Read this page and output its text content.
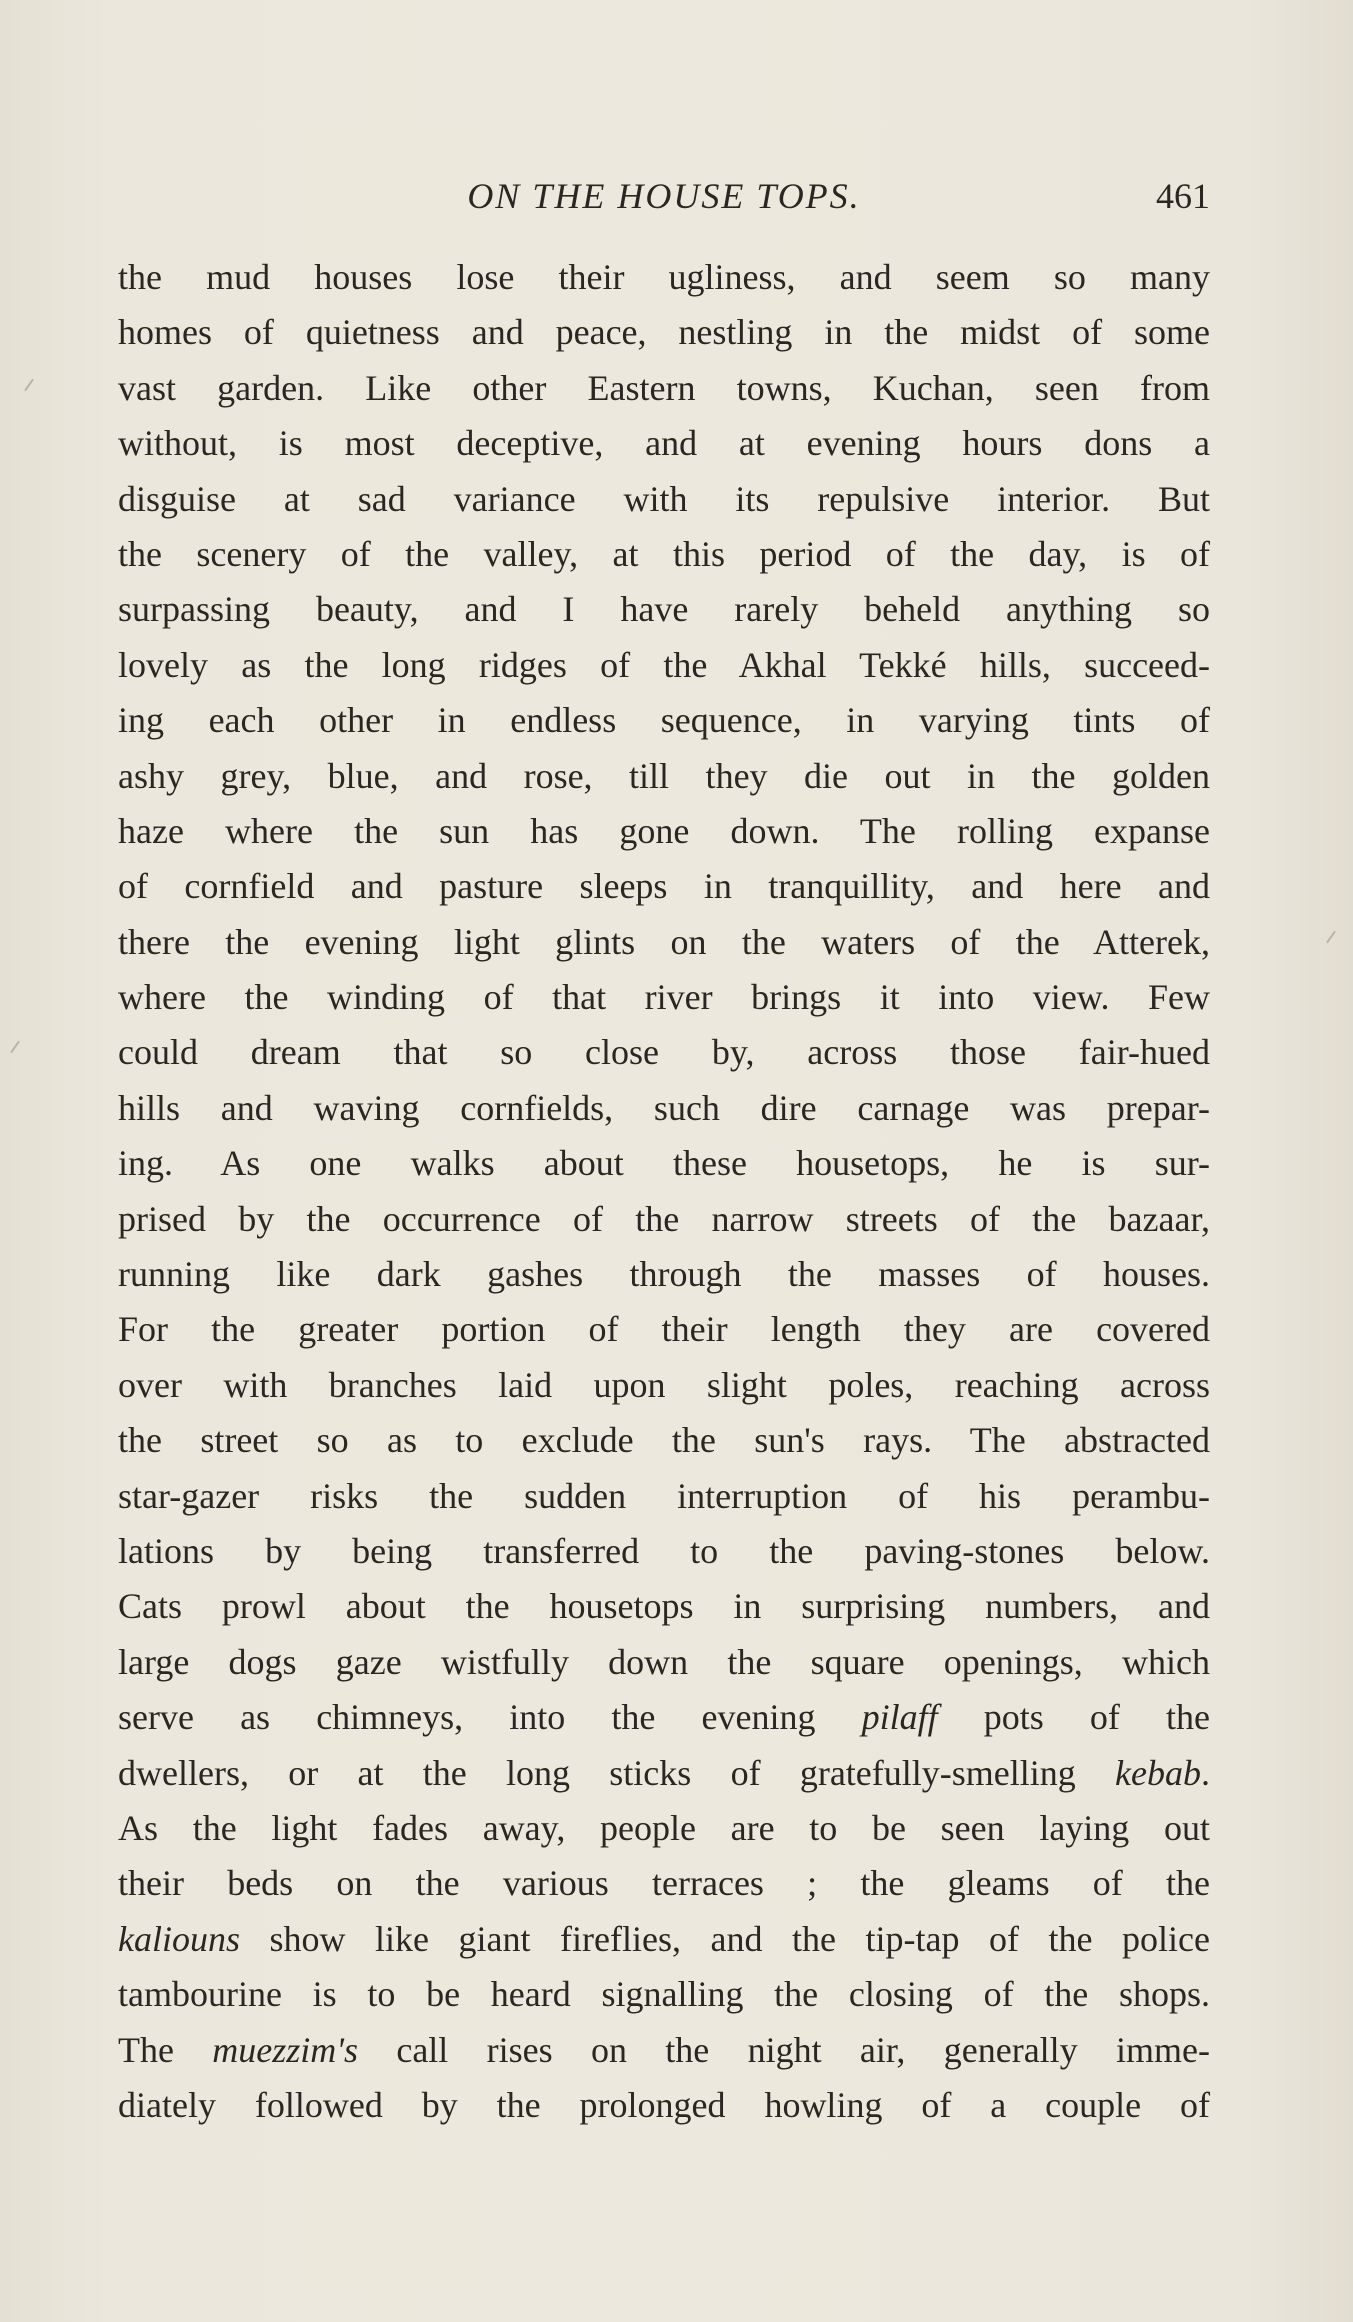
ON THE HOUSE TOPS.	461
the mud houses lose their ugliness, and seem so many
homes of quietness and peace, nestling in the midst of some
vast garden. Like other Eastern towns, Kuchan, seen from
without, is most deceptive, and at evening hours dons a
disguise at sad variance with its repulsive interior. But
the scenery of the valley, at this period of the day, is of
surpassing beauty, and I have rarely beheld anything so
lovely as the long ridges of the Akhal Tekké hills, succeed-
ing each other in endless sequence, in varying tints of
ashy grey, blue, and rose, till they die out in the golden
haze where the sun has gone down. The rolling expanse
of cornfield and pasture sleeps in tranquillity, and here and
there the evening light glints on the waters of the Atterek,
where the winding of that river brings it into view. Few
could dream that so close by, across those fair-hued
hills and waving cornfields, such dire carnage was prepar-
ing. As one walks about these housetops, he is sur-
prised by the occurrence of the narrow streets of the bazaar,
running like dark gashes through the masses of houses.
For the greater portion of their length they are covered
over with branches laid upon slight poles, reaching across
the street so as to exclude the sun's rays. The abstracted
star-gazer risks the sudden interruption of his perambu-
lations by being transferred to the paving-stones below.
Cats prowl about the housetops in surprising numbers, and
large dogs gaze wistfully down the square openings, which
serve as chimneys, into the evening pilaff pots of the
dwellers, or at the long sticks of gratefully-smelling kebab.
As the light fades away, people are to be seen laying out
their beds on the various terraces ; the gleams of the
kaliouns show like giant fireflies, and the tip-tap of the police
tambourine is to be heard signalling the closing of the shops.
The muezzim's call rises on the night air, generally imme-
diately followed by the prolonged howling of a couple of
